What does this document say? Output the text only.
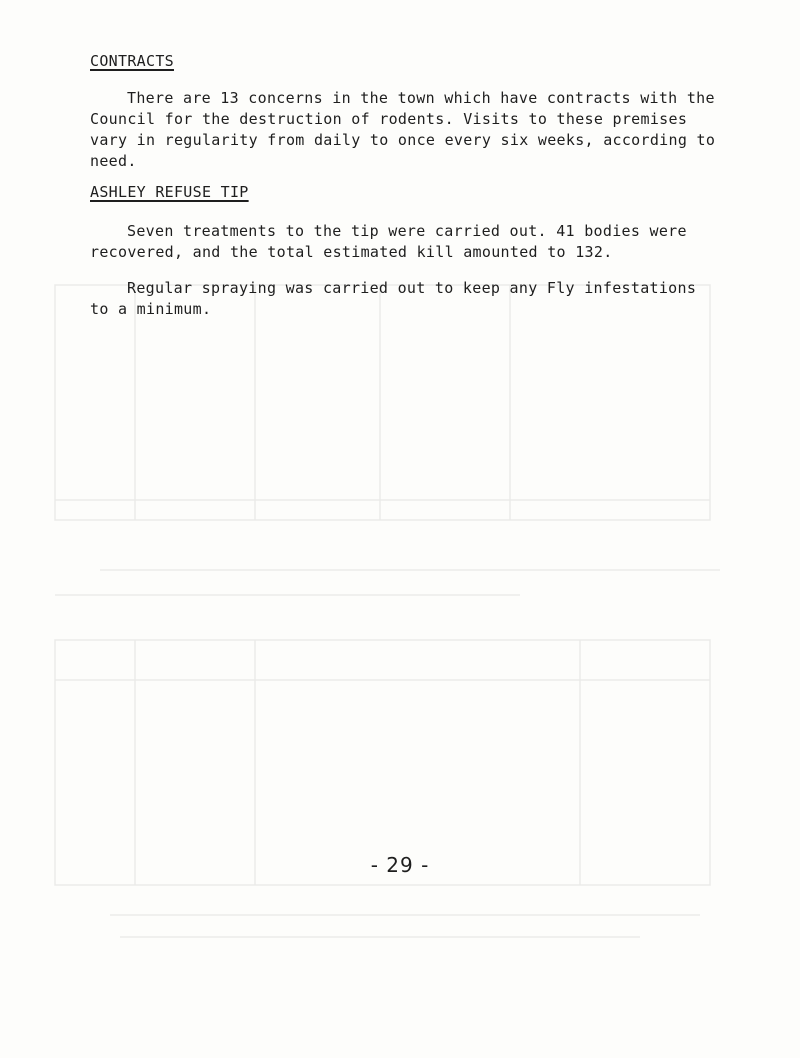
CONTRACTS

There are 13 concerns in the town which have contracts with the
Council for the destruction of rodents. Visits to these premises
vary in regularity from daily to once every six weeks, according to
need.

ASHLEY REFUSE TIP

Seven treatments to the tip were carried out. 41 bodies were
recovered, and the total estimated kill amounted to 132.

Regular spraying was carried out to keep any Fly infestations
to a minimum.

- 29 -
